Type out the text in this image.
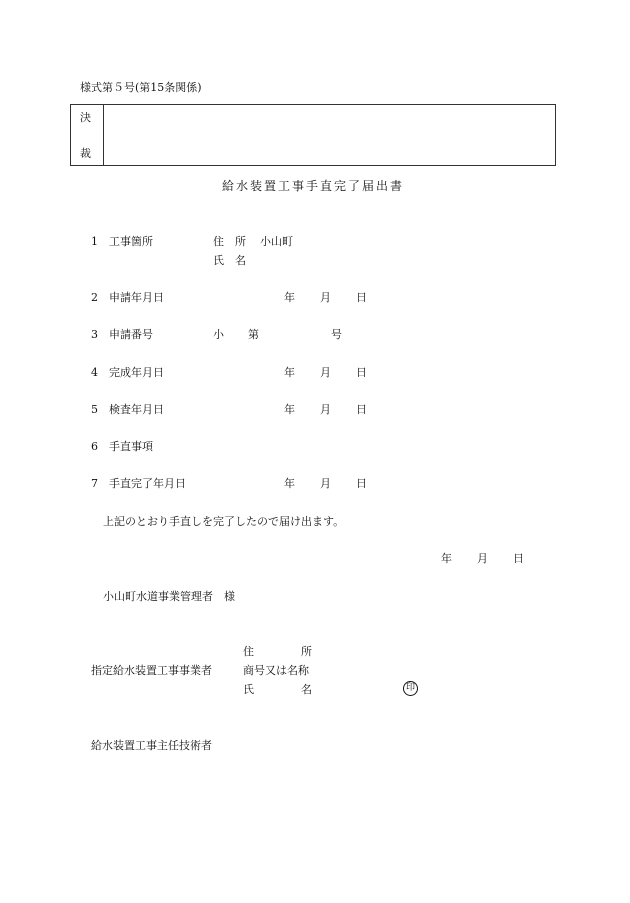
様式第５号(第15条関係)
決
裁
給水装置工事手直完了届出書
1 工事箇所	住　所 小山町
氏　名
2 申請年月日	年 月 日
3 申請番号	小 第	号
4 完成年月日	年 月 日
5 検査年月日	年 月 日
6 手直事項
7 手直完了年月日	年 月 日
上記のとおり手直しを完了したので届け出ます。
年 月 日
小山町水道事業管理者　様
住	所
指定給水装置工事事業者	商号又は名称
氏	名	印
給水装置工事主任技術者
